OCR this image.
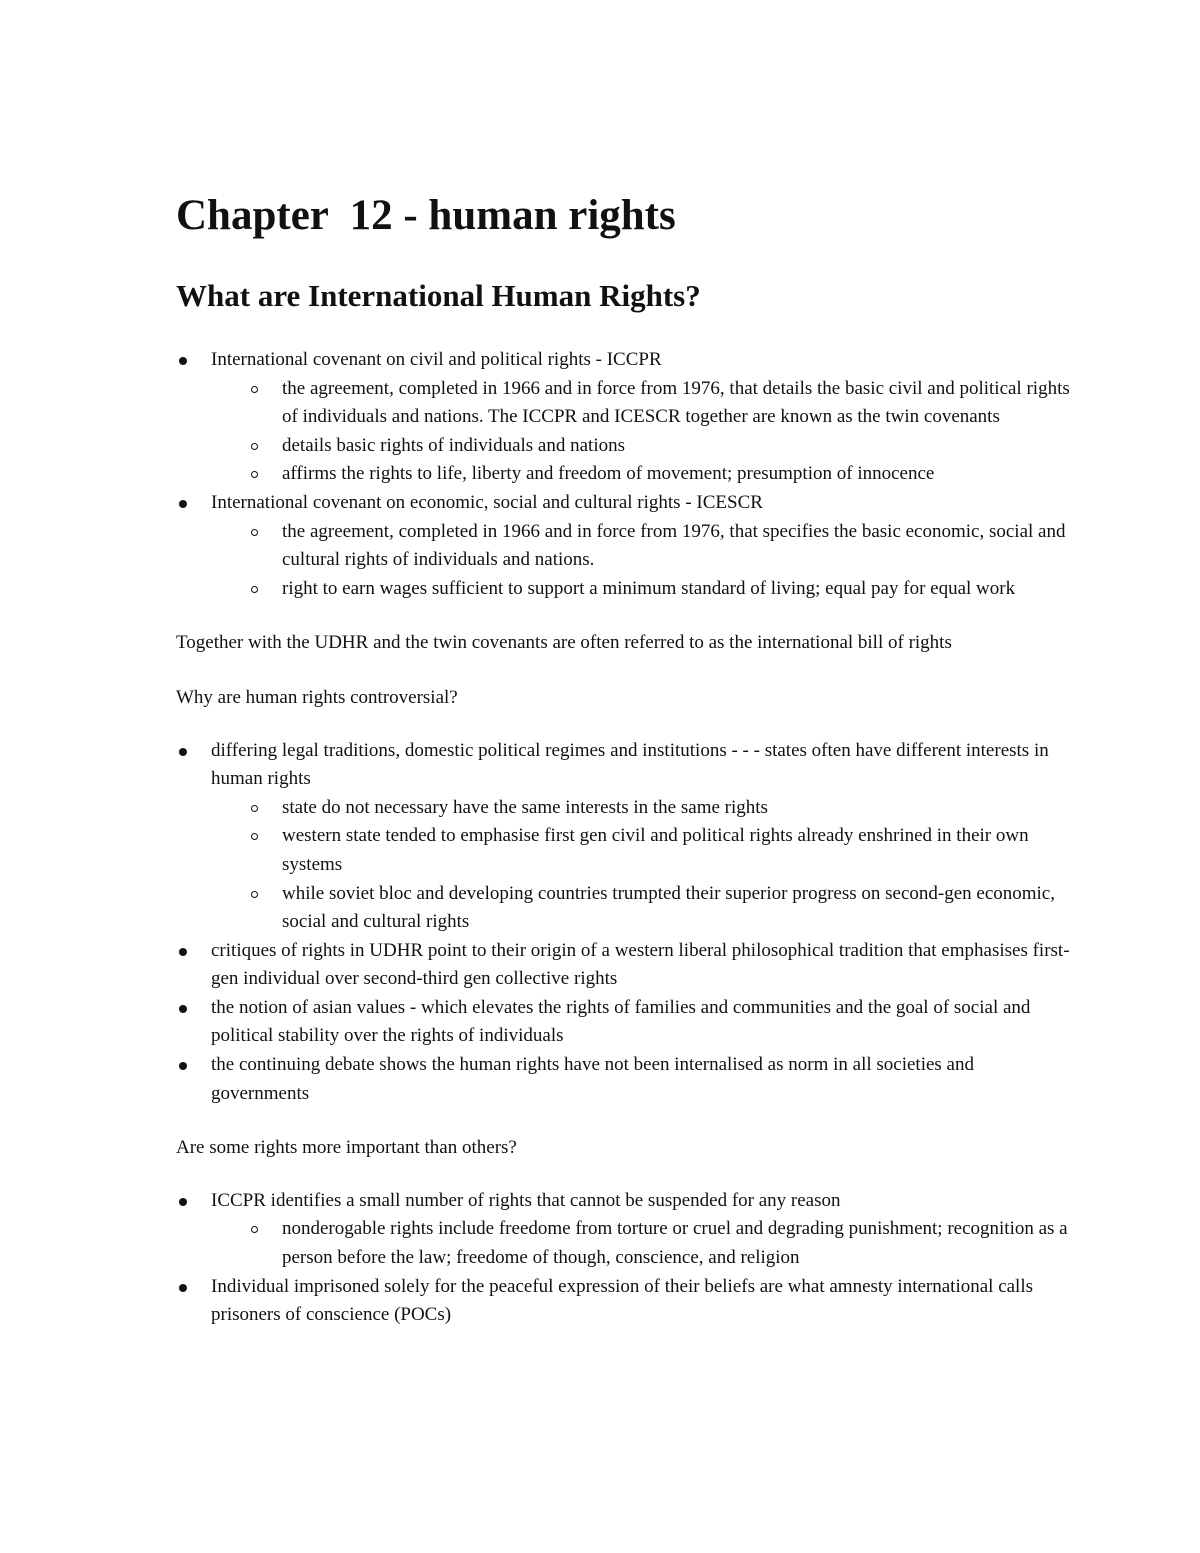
Chapter  12 - human rights
What are International Human Rights?
International covenant on civil and political rights - ICCPR
the agreement, completed in 1966 and in force from 1976, that details the basic civil and political rights of individuals and nations. The ICCPR and ICESCR together are known as the twin covenants
details basic rights of individuals and nations
affirms the rights to life, liberty and freedom of movement; presumption of innocence
International covenant on economic, social and cultural rights - ICESCR
the agreement, completed in 1966 and in force from 1976, that specifies the basic economic, social and cultural rights of individuals and nations.
right to earn wages sufficient to support a minimum standard of living; equal pay for equal work

Together with the UDHR and the twin covenants are often referred to as the international bill of rights

Why are human rights controversial?

differing legal traditions, domestic political regimes and institutions - - - states often have different interests in human rights
state do not necessary have the same interests in the same rights
western state tended to emphasise first gen civil and political rights already enshrined in their own systems
while soviet bloc and developing countries trumpted their superior progress on second-gen economic, social and cultural rights
critiques of rights in UDHR point to their origin of a western liberal philosophical tradition that emphasises first-gen individual over second-third gen collective rights
the notion of asian values - which elevates the rights of families and communities and the goal of social and political stability over the rights of individuals
the continuing debate shows the human rights have not been internalised as norm in all societies and governments

Are some rights more important than others?

ICCPR identifies a small number of rights that cannot be suspended for any reason
nonderogable rights include freedome from torture or cruel and degrading punishment; recognition as a person before the law; freedome of though, conscience, and religion
Individual imprisoned solely for the peaceful expression of their beliefs are what amnesty international calls prisoners of conscience (POCs)
